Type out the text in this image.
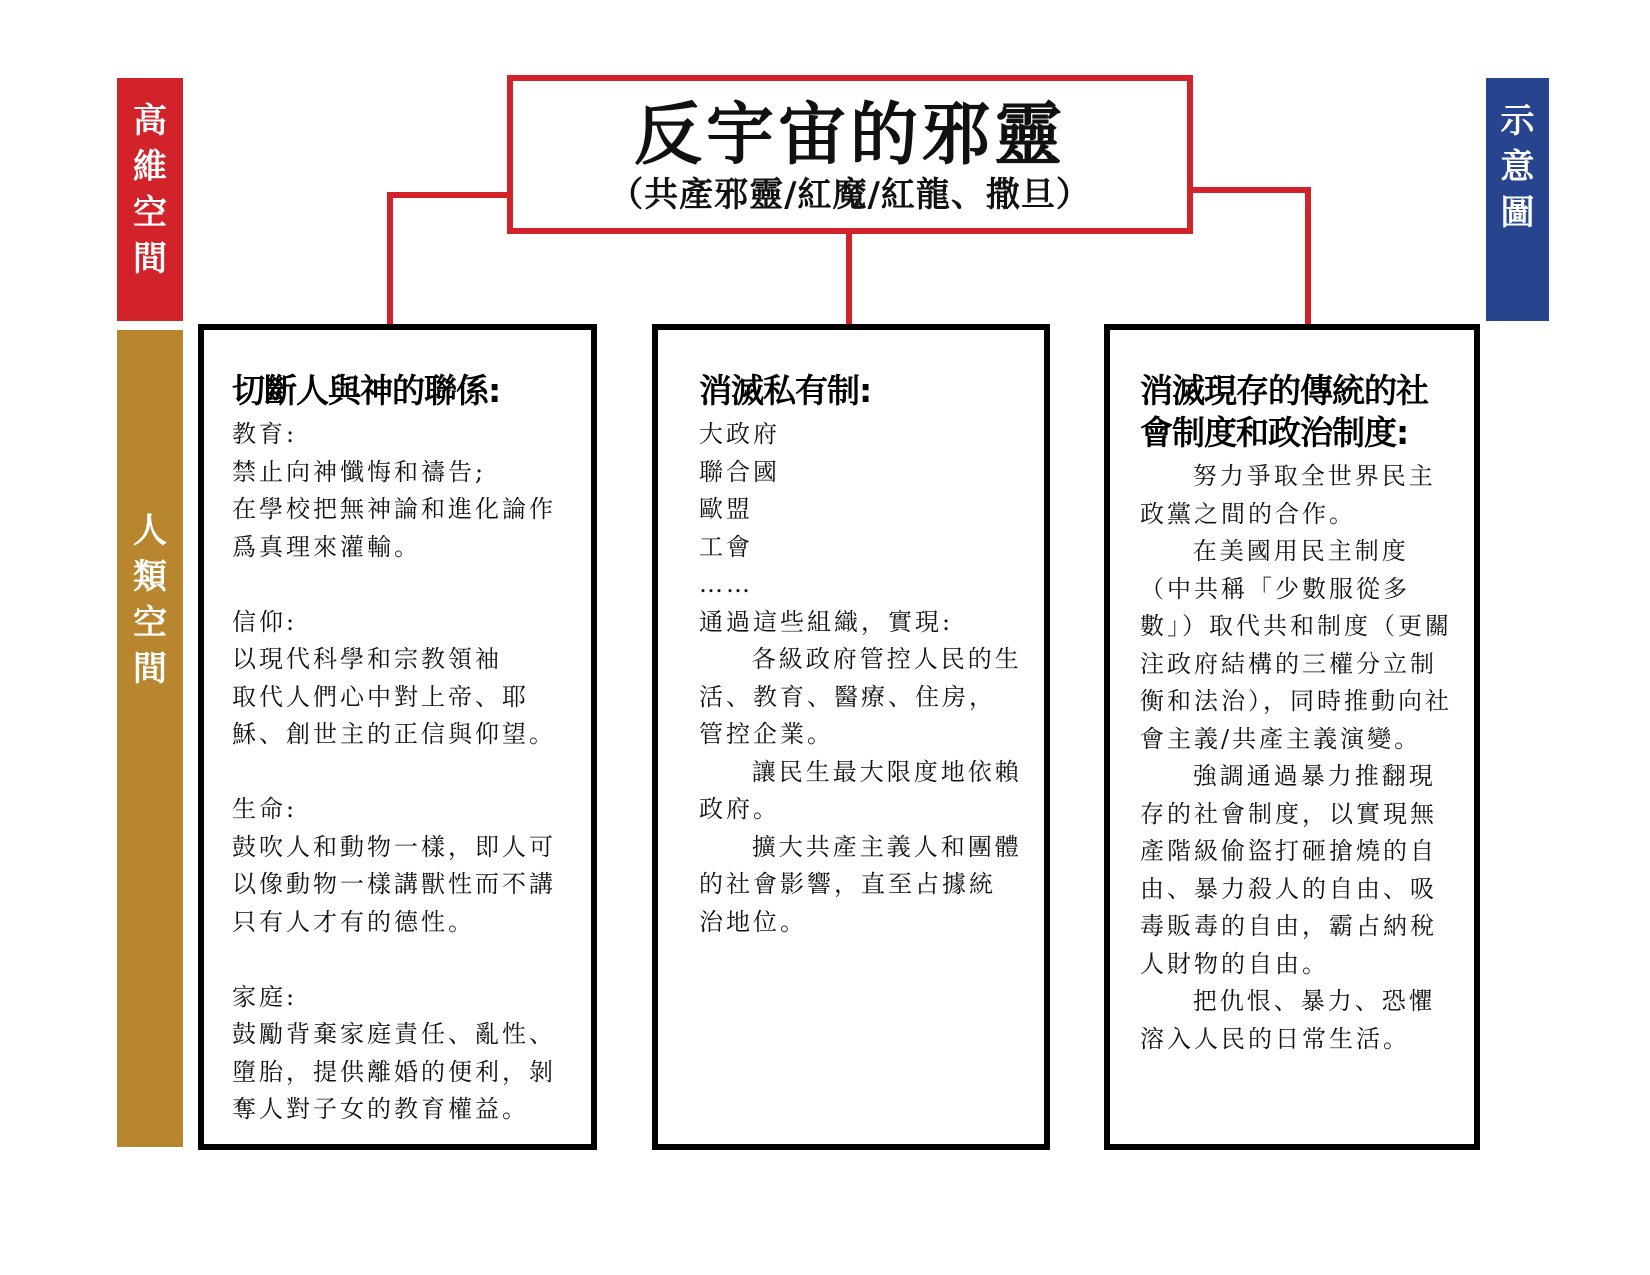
高
維
空
間
人
類
空
間
示
意
圖
反宇宙的邪靈
（共產邪靈/紅魔/紅龍、撒旦）
切斷人與神的聯係:

教育:

禁止向神懺悔和禱告;

在學校把無神論和進化論作

爲真理來灌輸。

信仰:

以現代科學和宗教領袖

取代人們心中對上帝、耶

穌、創世主的正信與仰望。

生命:

鼓吹人和動物一樣，即人可

以像動物一樣講獸性而不講

只有人才有的德性。

家庭:

鼓勵背棄家庭責任、亂性、

墮胎，提供離婚的便利，剝

奪人對子女的教育權益。

消滅私有制:

大政府

聯合國

歐盟

工會

……

通過這些組織，實現:

各級政府管控人民的生活、教育、醫療、住房，管控企業。

讓民生最大限度地依賴政府。

擴大共產主義人和團體的社會影響，直至占據統治地位。

消滅現存的傳統的社會制度和政治制度:

努力爭取全世界民主政黨之間的合作。

在美國用民主制度（中共稱「少數服從多數」）取代共和制度（更關注政府結構的三權分立制衡和法治），同時推動向社會主義/共產主義演變。

強調通過暴力推翻現存的社會制度，以實現無產階級偷盜打砸搶燒的自由、暴力殺人的自由、吸毒販毒的自由，霸占納稅人財物的自由。

把仇恨、暴力、恐懼溶入人民的日常生活。
